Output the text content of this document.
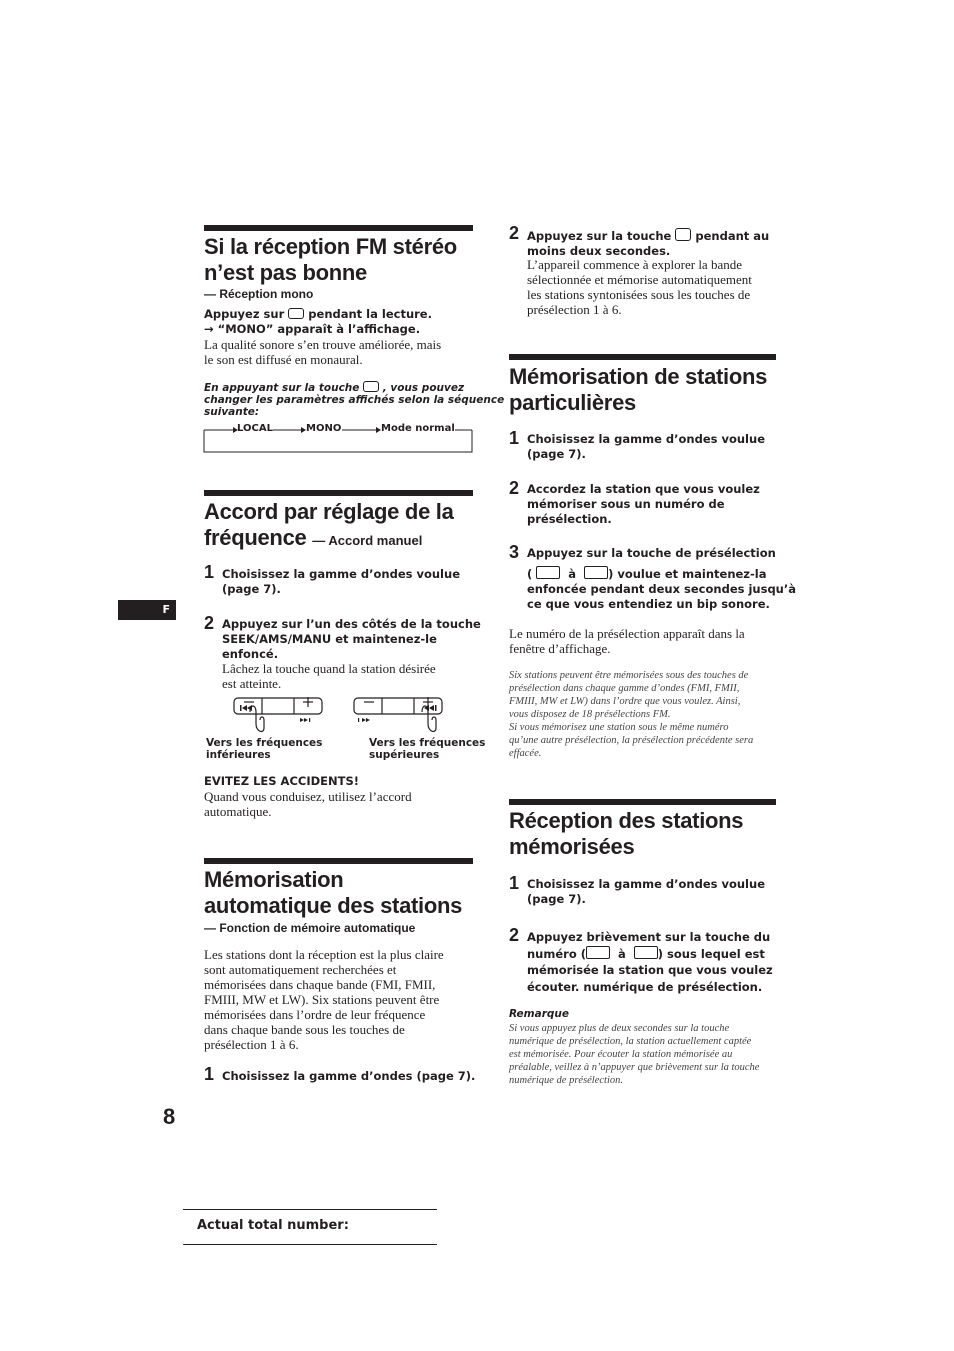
Si la réception FM stéréo
n’est pas bonne
— Réception mono
Appuyez sur pendant la lecture.
→ “MONO” apparaît à l’affichage.
La qualité sonore s’en trouve améliorée, mais
le son est diffusé en monaural.
En appuyant sur la touche , vous pouvez
changer les paramètres affichés selon la séquence
suivante:
LOCAL	MONO	Mode normal
Accord par réglage de la
fréquence — Accord manuel
1 Choisissez la gamme d’ondes voulue
(page 7).
2 Appuyez sur l’un des côtés de la touche
SEEK/AMS/MANU et maintenez-le
enfoncé.
Lâchez la touche quand la station désirée
est atteinte.
Vers les fréquences
inférieures
Vers les fréquences
supérieures
EVITEZ LES ACCIDENTS!
Quand vous conduisez, utilisez l’accord
automatique.
Mémorisation
automatique des stations
— Fonction de mémoire automatique
Les stations dont la réception est la plus claire
sont automatiquement recherchées et
mémorisées dans chaque bande (FMI, FMII,
FMIII, MW et LW). Six stations peuvent être
mémorisées dans l’ordre de leur fréquence
dans chaque bande sous les touches de
présélection 1 à 6.
1 Choisissez la gamme d’ondes (page 7).
F
8
2 Appuyez sur la touche pendant au
moins deux secondes.
L’appareil commence à explorer la bande
sélectionnée et mémorise automatiquement
les stations syntonisées sous les touches de
présélection 1 à 6.
Mémorisation de stations
particulières
1 Choisissez la gamme d’ondes voulue
(page 7).
2 Accordez la station que vous voulez
mémoriser sous un numéro de
présélection.
3 Appuyez sur la touche de présélection
(	à	) voulue et maintenez-la
enfoncée pendant deux secondes jusqu’à
ce que vous entendiez un bip sonore.
Le numéro de la présélection apparaît dans la
fenêtre d’affichage.
Six stations peuvent être mémorisées sous des touches de
présélection dans chaque gamme d’ondes (FMI, FMII,
FMIII, MW et LW) dans l’ordre que vous voulez. Ainsi,
vous disposez de 18 présélections FM.
Si vous mémorisez une station sous le même numéro
qu’une autre présélection, la présélection précédente sera
effacée.
Réception des stations
mémorisées
1 Choisissez la gamme d’ondes voulue
(page 7).
2 Appuyez brièvement sur la touche du
numéro (	à	) sous lequel est
mémorisée la station que vous voulez
écouter. numérique de présélection.
Remarque
Si vous appuyez plus de deux secondes sur la touche
numérique de présélection, la station actuellement captée
est mémorisée. Pour écouter la station mémorisée au
préalable, veillez à n’appuyer que brièvement sur la touche
numérique de présélection.
Actual total number:
